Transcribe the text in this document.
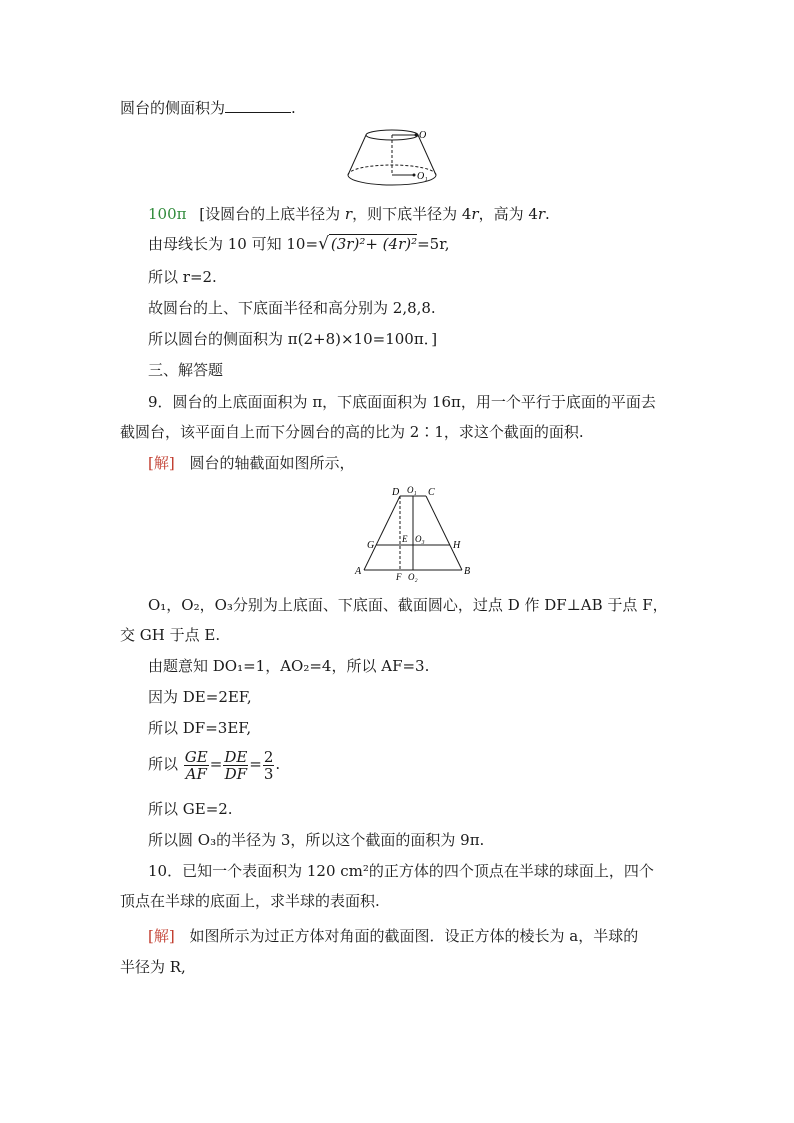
圆台的侧面积为	.
O
O₁
100π [设圆台的上底半径为 r，则下底半径为 4r，高为 4r.
由母线长为 10 可知 10=√ (3r)²+ (4r)²=5r,
所以 r=2.
故圆台的上、下底面半径和高分别为 2,8,8.
所以圆台的侧面积为 π(2+8)×10=100π．]
三、解答题
9．圆台的上底面面积为 π，下底面面积为 16π，用一个平行于底面的平面去
截圆台，该平面自上而下分圆台的高的比为 2∶1，求这个截面的面积.
[解] 圆台的轴截面如图所示，
D O₁ C
G
E O₃
H
A	F O₂	B
O₁，O₂，O₃分别为上底面、下底面、截面圆心，过点 D 作 DF⊥AB 于点 F，
交 GH 于点 E.
由题意知 DO₁=1，AO₂=4，所以 AF=3.
因为 DE=2EF,
所以 DF=3EF,
所以 $\frac{GE}{AF} = \frac{DE}{DF} = \frac{2}{3}$ .
所以 GE=2.
所以圆 O₃的半径为 3，所以这个截面的面积为 9π.
10．已知一个表面积为 120 cm²的正方体的四个顶点在半球的球面上，四个
顶点在半球的底面上，求半球的表面积.
[解] 如图所示为过正方体对角面的截面图．设正方体的棱长为 a，半球的
半径为 R,
